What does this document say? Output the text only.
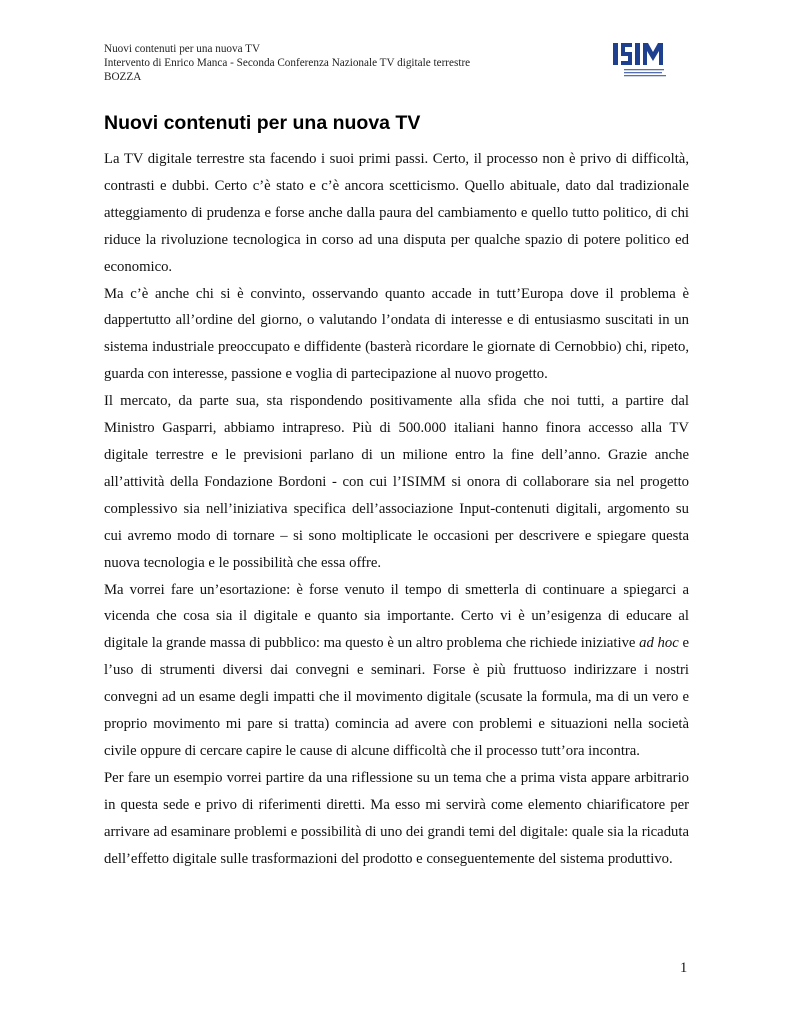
Nuovi contenuti per una nuova TV
Intervento di Enrico Manca - Seconda Conferenza Nazionale TV digitale terrestre
BOZZA
Nuovi contenuti per una nuova TV

La TV digitale terrestre sta facendo i suoi primi passi. Certo, il processo non è privo di difficoltà, contrasti e dubbi. Certo c’è stato e c’è ancora scetticismo. Quello abituale, dato dal tradizionale atteggiamento di prudenza e forse anche dalla paura del cambiamento e quello tutto politico, di chi riduce la rivoluzione tecnologica in corso ad una disputa per qualche spazio di potere politico ed economico.

Ma c’è anche chi si è convinto, osservando quanto accade in tutt’Europa dove il problema è dappertutto all’ordine del giorno, o valutando l’ondata di interesse e di entusiasmo suscitati in un sistema industriale preoccupato e diffidente (basterà ricordare le giornate di Cernobbio) chi, ripeto, guarda con interesse, passione e voglia di partecipazione al nuovo progetto.

Il mercato, da parte sua, sta rispondendo positivamente alla sfida che noi tutti, a partire dal Ministro Gasparri, abbiamo intrapreso. Più di 500.000 italiani hanno finora accesso alla TV digitale terrestre e le previsioni parlano di un milione entro la fine dell’anno. Grazie anche all’attività della Fondazione Bordoni - con cui l’ISIMM si onora di collaborare sia nel progetto complessivo sia nell’iniziativa specifica dell’associazione Input-contenuti digitali, argomento su cui avremo modo di tornare – si sono moltiplicate le occasioni per descrivere e spiegare questa nuova tecnologia e le possibilità che essa offre.

Ma vorrei fare un’esortazione: è forse venuto il tempo di smetterla di continuare a spiegarci a vicenda che cosa sia il digitale e quanto sia importante. Certo vi è un’esigenza di educare al digitale la grande massa di pubblico: ma questo è un altro problema che richiede iniziative ad hoc e l’uso di strumenti diversi dai convegni e seminari. Forse è più fruttuoso indirizzare i nostri convegni ad un esame degli impatti che il movimento digitale (scusate la formula, ma di un vero e proprio movimento mi pare si tratta) comincia ad avere con problemi e situazioni nella società civile oppure di cercare capire le cause di alcune difficoltà che il processo tutt’ora incontra.

Per fare un esempio vorrei partire da una riflessione su un tema che a prima vista appare arbitrario in questa sede e privo di riferimenti diretti. Ma esso mi servirà come elemento chiarificatore per arrivare ad esaminare problemi e possibilità di uno dei grandi temi del digitale: quale sia la ricaduta dell’effetto digitale sulle trasformazioni del prodotto e conseguentemente del sistema produttivo.

1
